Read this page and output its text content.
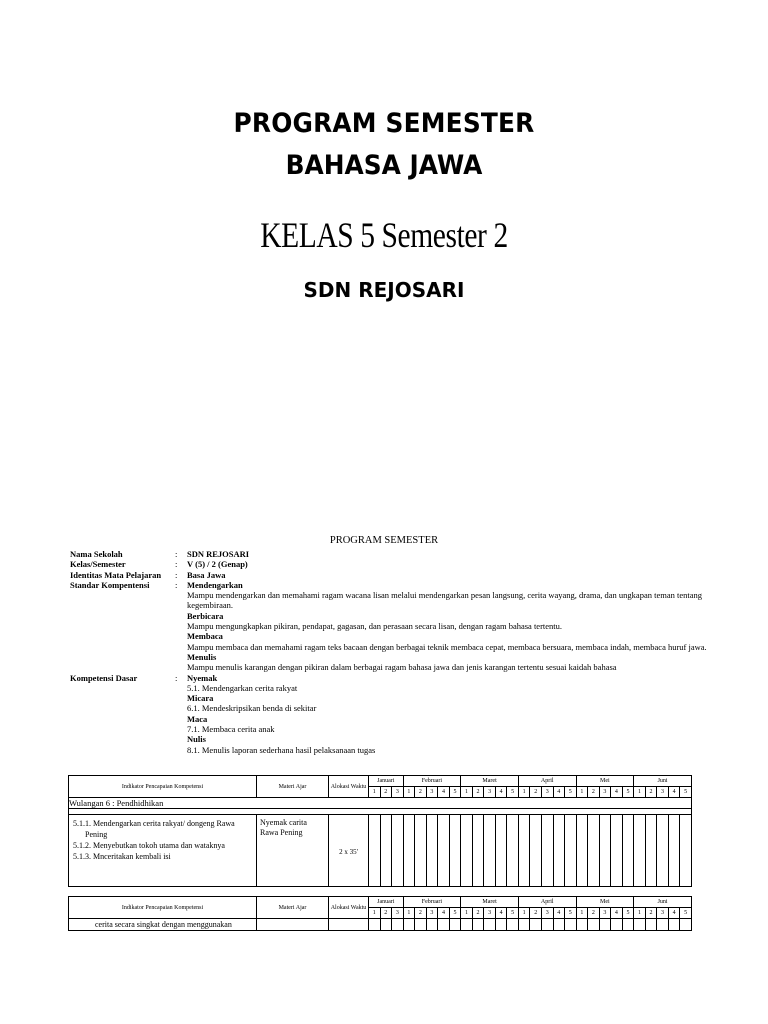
PROGRAM SEMESTER
BAHASA JAWA
KELAS 5 Semester 2
SDN REJOSARI
PROGRAM SEMESTER
Nama Sekolah	:	SDN REJOSARI
Kelas/Semester	:	V (5) / 2 (Genap)
Identitas Mata Pelajaran	:	Basa Jawa
Standar Kompentensi	:	Mendengarkan
Mampu mendengarkan dan memahami ragam wacana lisan melalui mendengarkan pesan langsung, cerita wayang, drama, dan ungkapan teman tentang kegembiraan.
Berbicara
Mampu mengungkapkan pikiran, pendapat, gagasan, dan perasaan secara lisan, dengan ragam bahasa tertentu.
Membaca
Mampu membaca dan memahami ragam teks bacaan dengan berbagai teknik membaca cepat, membaca bersuara, membaca indah, membaca huruf jawa.
Menulis
Mampu menulis karangan dengan pikiran dalam berbagai ragam bahasa jawa dan jenis karangan tertentu sesuai kaidah bahasa
Kompetensi Dasar	:	Nyemak
5.1. Mendengarkan cerita rakyat
Micara
6.1. Mendeskripsikan benda di sekitar
Maca
7.1. Membaca cerita anak
Nulis
8.1. Menulis laporan sederhana hasil pelaksanaan tugas
Indikator Pencapaian Kompetensi	Materi Ajar	Alokasi Waktu	Januari			Februari					Maret					April					Mei					Juni				
			1	2	3	1	2	3	4	5	1	2	3	4	5	1	2	3	4	5	1	2	3	4	5	1	2	3	4	5
Wulangan 6 : Pendhidhikan																														

5.1.1. Mendengarkan cerita rakyat/ dongeng Rawa Pening
5.1.2. Menyebutkan tokoh utama dan wataknya
5.1.3. Mnceritakan kembali isi	Nyemak carita Rawa Pening	2 x 35'																												
Indikator Pencapaian Kompetensi	Materi Ajar	Alokasi Waktu	Januari			Februari					Maret					April					Mei					Juni				
			1	2	3	1	2	3	4	5	1	2	3	4	5	1	2	3	4	5	1	2	3	4	5	1	2	3	4	5
cerita secara singkat dengan menggunakan																														
